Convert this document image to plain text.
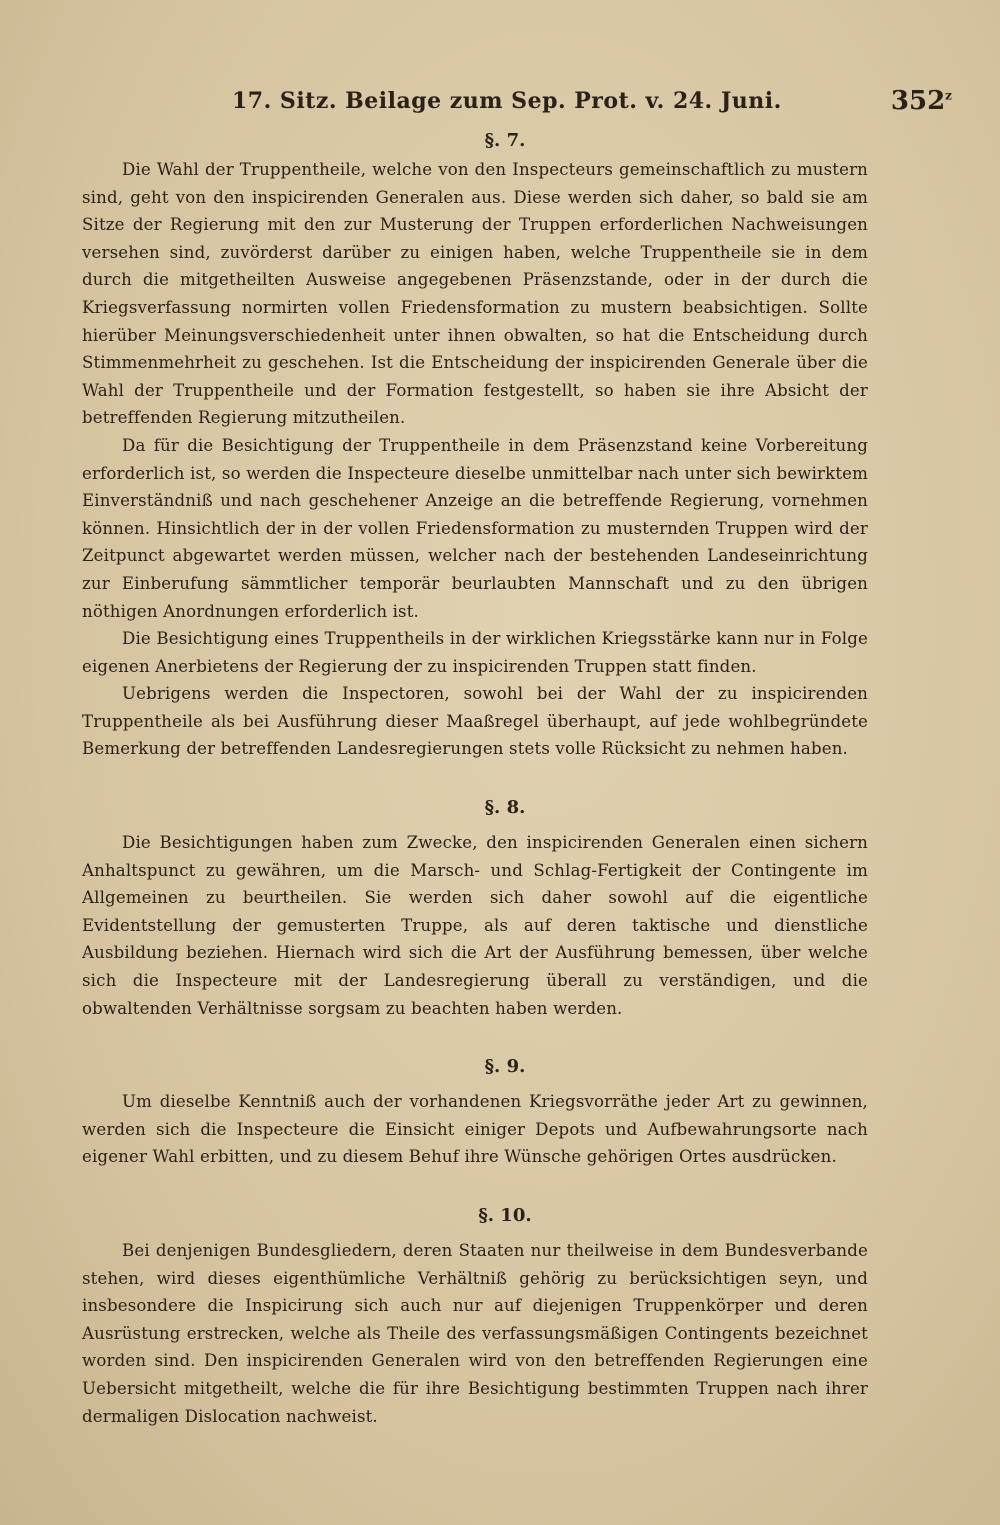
17. Sitz. Beilage zum Sep. Prot. v. 24. Juni.	352$^z$
§. 7.

Die Wahl der Truppentheile, welche von den Inspecteurs gemeinschaftlich zu mustern sind, geht von den inspicirenden Generalen aus. Diese werden sich daher, so bald sie am Sitze der Regierung mit den zur Musterung der Truppen erforderlichen Nachweisungen versehen sind, zuvörderst darüber zu einigen haben, welche Truppentheile sie in dem durch die mitgetheilten Ausweise angegebenen Präsenzstande, oder in der durch die Kriegsverfassung normirten vollen Friedensformation zu mustern beabsichtigen. Sollte hierüber Meinungsverschiedenheit unter ihnen obwalten, so hat die Entscheidung durch Stimmenmehrheit zu geschehen. Ist die Entscheidung der inspicirenden Generale über die Wahl der Truppentheile und der Formation festgestellt, so haben sie ihre Absicht der betreffenden Regierung mitzutheilen.

Da für die Besichtigung der Truppentheile in dem Präsenzstand keine Vorbereitung erforderlich ist, so werden die Inspecteure dieselbe unmittelbar nach unter sich bewirktem Einverständniß und nach geschehener Anzeige an die betreffende Regierung, vornehmen können. Hinsichtlich der in der vollen Friedensformation zu musternden Truppen wird der Zeitpunct abgewartet werden müssen, welcher nach der bestehenden Landeseinrichtung zur Einberufung sämmtlicher temporär beurlaubten Mannschaft und zu den übrigen nöthigen Anordnungen erforderlich ist.

Die Besichtigung eines Truppentheils in der wirklichen Kriegsstärke kann nur in Folge eigenen Anerbietens der Regierung der zu inspicirenden Truppen statt finden.

Uebrigens werden die Inspectoren, sowohl bei der Wahl der zu inspicirenden Truppentheile als bei Ausführung dieser Maaßregel überhaupt, auf jede wohlbegründete Bemerkung der betreffenden Landesregierungen stets volle Rücksicht zu nehmen haben.

§. 8.

Die Besichtigungen haben zum Zwecke, den inspicirenden Generalen einen sichern Anhaltspunct zu gewähren, um die Marsch- und Schlag-Fertigkeit der Contingente im Allgemeinen zu beurtheilen. Sie werden sich daher sowohl auf die eigentliche Evidentstellung der gemusterten Truppe, als auf deren taktische und dienstliche Ausbildung beziehen. Hiernach wird sich die Art der Ausführung bemessen, über welche sich die Inspecteure mit der Landesregierung überall zu verständigen, und die obwaltenden Verhältnisse sorgsam zu beachten haben werden.

§. 9.

Um dieselbe Kenntniß auch der vorhandenen Kriegsvorräthe jeder Art zu gewinnen, werden sich die Inspecteure die Einsicht einiger Depots und Aufbewahrungsorte nach eigener Wahl erbitten, und zu diesem Behuf ihre Wünsche gehörigen Ortes ausdrücken.

§. 10.

Bei denjenigen Bundesgliedern, deren Staaten nur theilweise in dem Bundesverbande stehen, wird dieses eigenthümliche Verhältniß gehörig zu berücksichtigen seyn, und insbesondere die Inspicirung sich auch nur auf diejenigen Truppenkörper und deren Ausrüstung erstrecken, welche als Theile des verfassungsmäßigen Contingents bezeichnet worden sind. Den inspicirenden Generalen wird von den betreffenden Regierungen eine Uebersicht mitgetheilt, welche die für ihre Besichtigung bestimmten Truppen nach ihrer dermaligen Dislocation nachweist.
